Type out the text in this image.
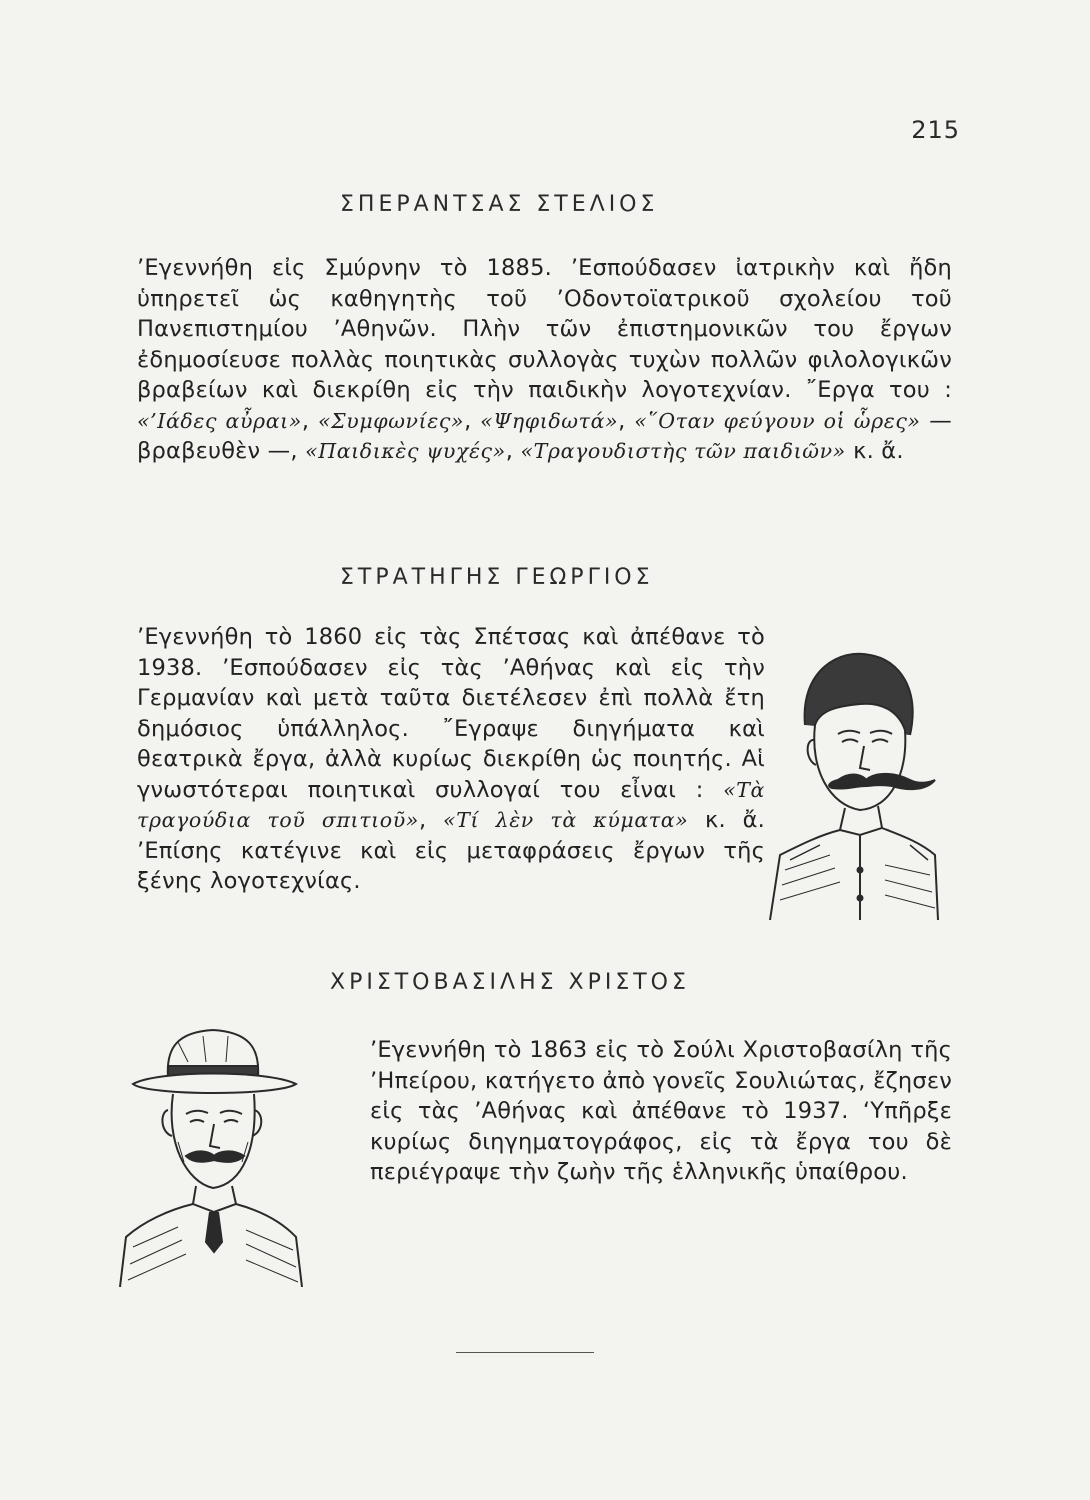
215
ΣΠΕΡΑΝΤΣΑΣ ΣΤΕΛΙΟΣ
’Εγεννήθη εἰς Σμύρνην τὸ 1885. ’Εσπούδασεν ἰατρικὴν καὶ ἤδη ὑπηρετεῖ ὡς καθηγητὴς τοῦ ’Οδοντοϊατρικοῦ σχολείου τοῦ Πανεπιστημίου ’Αθηνῶν. Πλὴν τῶν ἐπιστημονικῶν του ἔργων ἐδημοσίευσε πολλὰς ποιητικὰς συλλογὰς τυχὼν πολλῶν φιλολογικῶν βραβείων καὶ διεκρίθη εἰς τὴν παιδικὴν λογοτεχνίαν. ῎Εργα του : «’Ιάδες αὖραι», «Συμφωνίες», «Ψηφιδωτά», «῞Οταν φεύγουν οἱ ὧρες» — βραβευθὲν —, «Παιδικὲς ψυχές», «Τραγουδιστὴς τῶν παιδιῶν» κ. ἄ.
ΣΤΡΑΤΗΓΗΣ ΓΕΩΡΓΙΟΣ
’Εγεννήθη τὸ 1860 εἰς τὰς Σπέτσας καὶ ἀπέθανε τὸ 1938. ’Εσπούδασεν εἰς τὰς ’Αθήνας καὶ εἰς τὴν Γερμανίαν καὶ μετὰ ταῦτα διετέλεσεν ἐπὶ πολλὰ ἔτη δημόσιος ὑπάλληλος. ῎Εγραψε διηγήματα καὶ θεατρικὰ ἔργα, ἀλλὰ κυρίως διεκρίθη ὡς ποιητής. Αἱ γνωστότεραι ποιητικαὶ συλλογαί του εἶναι : «Τὰ τραγούδια τοῦ σπιτιοῦ», «Τί λὲν τὰ κύματα» κ. ἄ. ’Επίσης κατέγινε καὶ εἰς μεταφράσεις ἔργων τῆς ξένης λογοτεχνίας.
ΧΡΙΣΤΟΒΑΣΙΛΗΣ ΧΡΙΣΤΟΣ
’Εγεννήθη τὸ 1863 εἰς τὸ Σούλι Χριστοβασίλη τῆς ’Ηπείρου, κατήγετο ἀπὸ γονεῖς Σουλιώτας, ἔζησεν εἰς τὰς ’Αθήνας καὶ ἀπέθανε τὸ 1937. ‘Υπῆρξε κυρίως διηγηματογράφος, εἰς τὰ ἔργα του δὲ περιέγραψε τὴν ζωὴν τῆς ἑλληνικῆς ὑπαίθρου.
